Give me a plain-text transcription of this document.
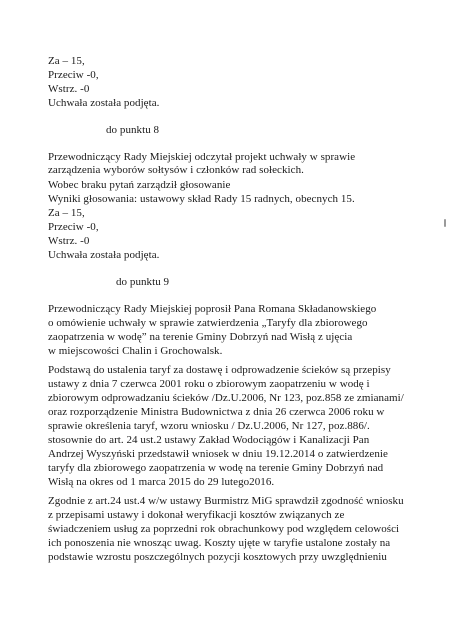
Za – 15,
Przeciw -0,
Wstrz. -0
Uchwała została podjęta.
do punktu 8
Przewodniczący Rady Miejskiej odczytał projekt uchwały w sprawie
zarządzenia wyborów sołtysów i członków rad sołeckich.
Wobec braku pytań zarządził głosowanie
Wyniki głosowania: ustawowy skład Rady 15 radnych, obecnych 15.
Za – 15,
Przeciw -0,
Wstrz. -0
Uchwała została podjęta.
do punktu 9
Przewodniczący Rady Miejskiej poprosił Pana Romana Składanowskiego
o omówienie uchwały w sprawie zatwierdzenia „Taryfy dla zbiorowego
zaopatrzenia w wodę” na terenie Gminy Dobrzyń nad Wisłą z ujęcia
w miejscowości Chalin i Grochowalsk.
Podstawą do ustalenia taryf za dostawę i odprowadzenie ścieków są przepisy
ustawy z dnia 7 czerwca 2001 roku o zbiorowym zaopatrzeniu w wodę i
zbiorowym odprowadzaniu ścieków /Dz.U.2006, Nr 123, poz.858 ze zmianami/
oraz rozporządzenie Ministra Budownictwa z dnia 26 czerwca 2006 roku w
sprawie określenia taryf, wzoru wniosku / Dz.U.2006, Nr 127, poz.886/.
stosownie do art. 24 ust.2 ustawy Zakład Wodociągów i Kanalizacji Pan
Andrzej Wyszyński przedstawił wniosek w dniu 19.12.2014 o zatwierdzenie
taryfy dla zbiorowego zaopatrzenia w wodę na terenie Gminy Dobrzyń nad
Wisłą na okres od 1 marca 2015 do 29 lutego2016.
Zgodnie z art.24 ust.4 w/w ustawy Burmistrz MiG sprawdził zgodność wniosku
z przepisami ustawy i dokonał weryfikacji kosztów związanych ze
świadczeniem usług za poprzedni rok obrachunkowy pod względem celowości
ich ponoszenia nie wnosząc uwag. Koszty ujęte w taryfie ustalone zostały na
podstawie wzrostu poszczególnych pozycji kosztowych przy uwzględnieniu
